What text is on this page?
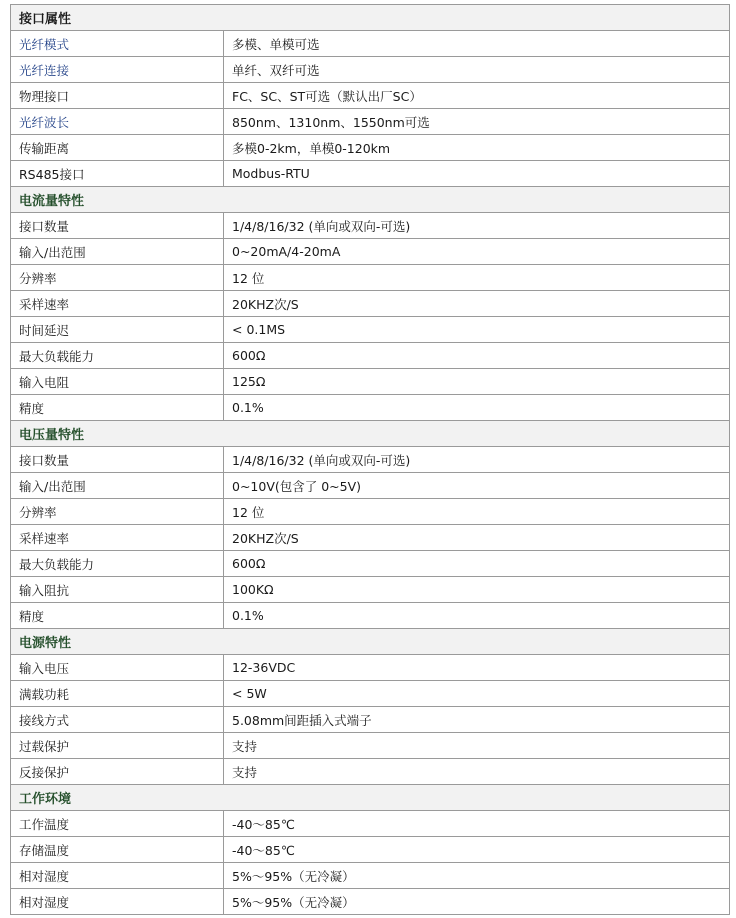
接口属性	
光纤模式	多模、单模可选
光纤连接	单纤、双纤可选
物理接口	FC、SC、ST可选（默认出厂SC）
光纤波长	850nm、1310nm、1550nm可选
传输距离	多模0-2km，单模0-120km
RS485接口	Modbus-RTU
电流量特性	
接口数量	1/4/8/16/32 (单向或双向-可选)
输入/出范围	0~20mA/4-20mA
分辨率	12 位
采样速率	20KHZ次/S
时间延迟	< 0.1MS
最大负载能力	600Ω
输入电阻	125Ω
精度	0.1%
电压量特性	
接口数量	1/4/8/16/32 (单向或双向-可选)
输入/出范围	0~10V(包含了 0~5V)
分辨率	12 位
采样速率	20KHZ次/S
最大负载能力	600Ω
输入阻抗	100KΩ
精度	0.1%
电源特性	
输入电压	12-36VDC
满载功耗	< 5W
接线方式	5.08mm间距插入式端子
过载保护	支持
反接保护	支持
工作环境	
工作温度	-40～85℃
存储温度	-40～85℃
相对湿度	5%～95%（无冷凝）
相对湿度	5%～95%（无冷凝）
